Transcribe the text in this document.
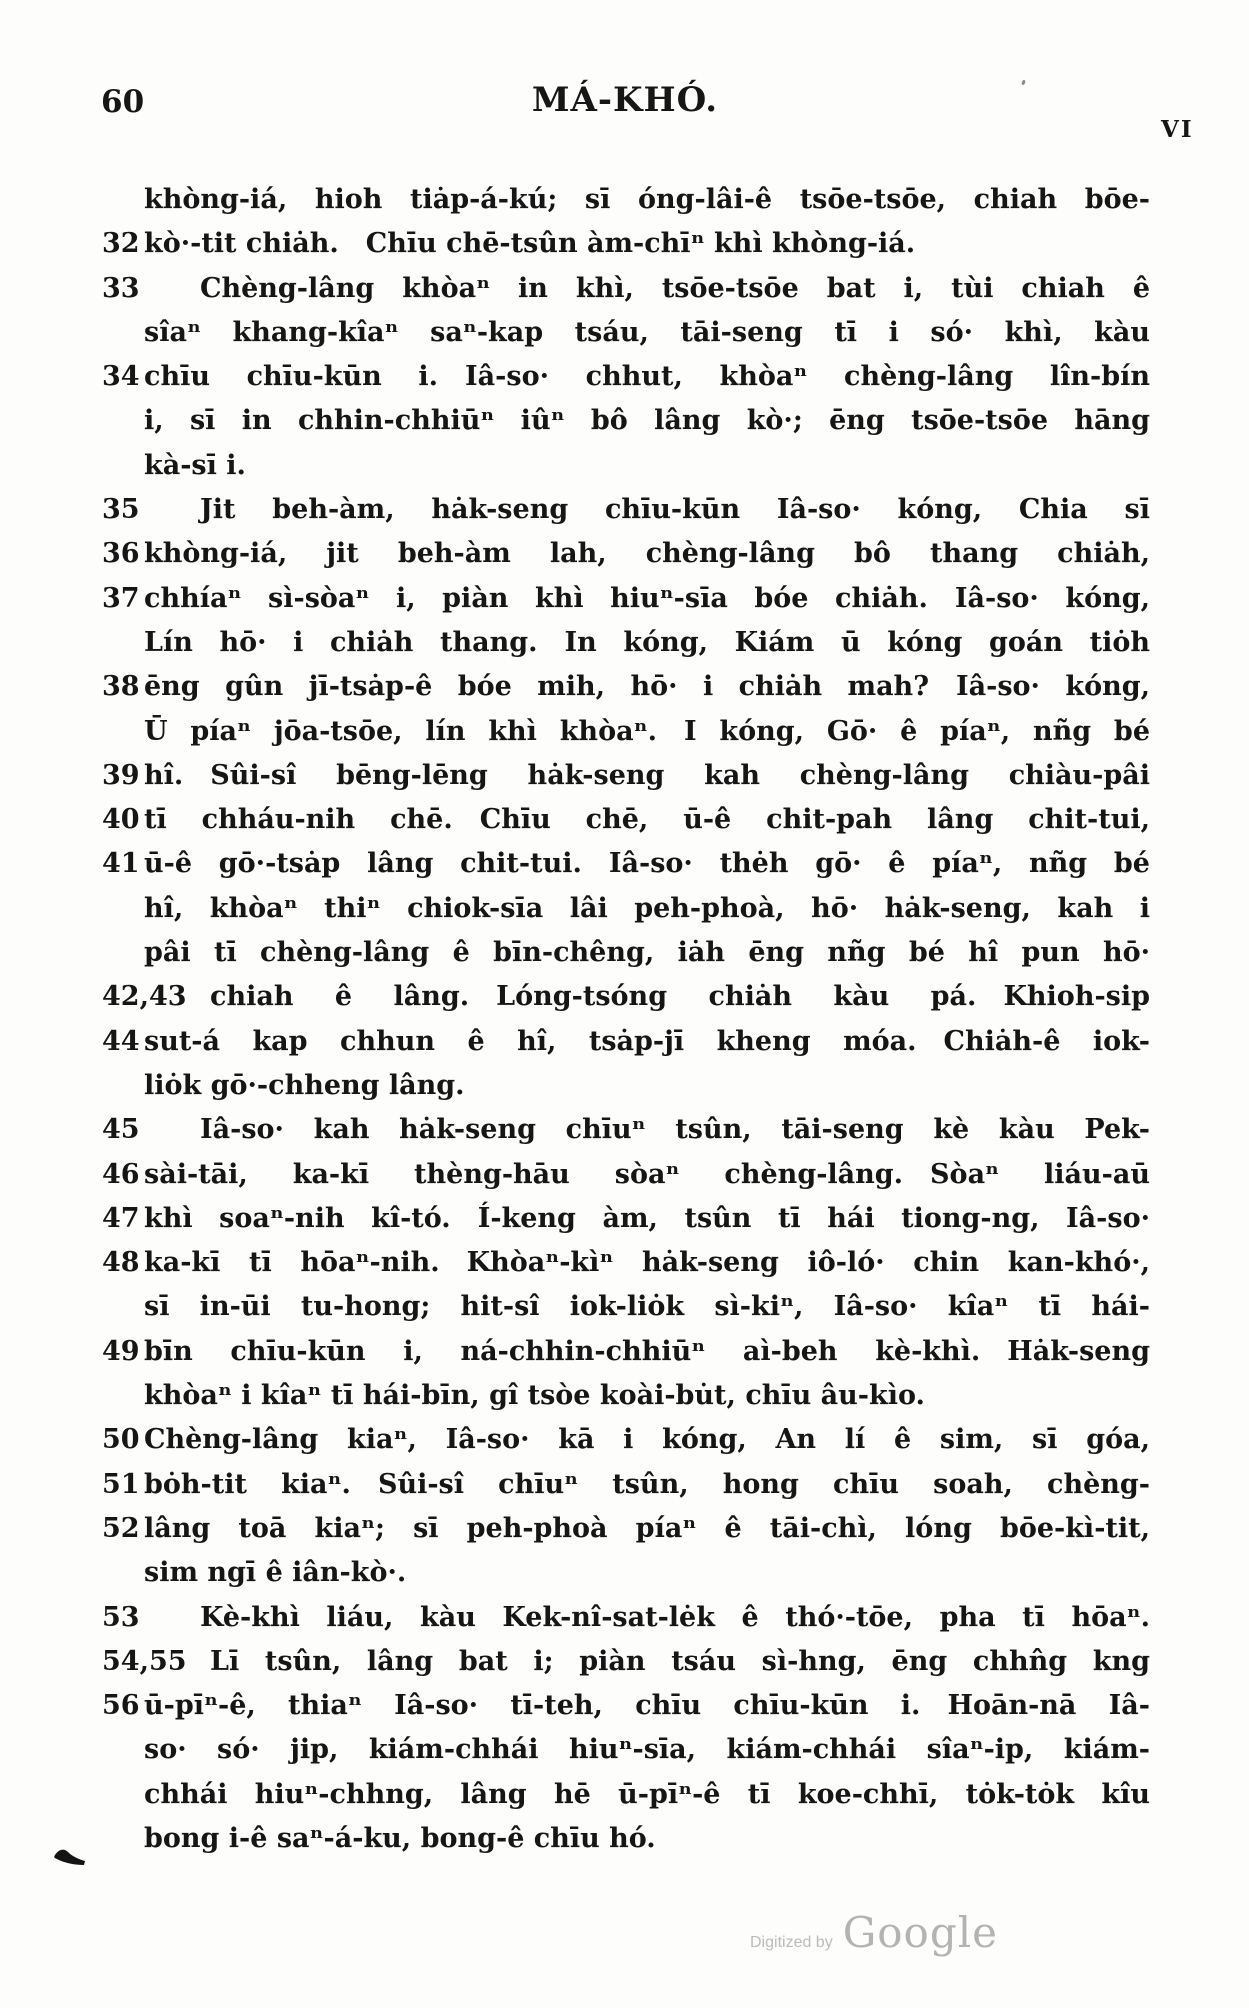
60	MÁ-KHÓ.
VI
khòng-iá, hioh tiȧp-á-kú; sī óng-lâi-ê tsōe-tsōe, chiah bōe-
32 kò·-tit chiȧh. Chīu chē-tsûn àm-chīⁿ khì khòng-iá.
33	Chèng-lâng khòaⁿ in khì, tsōe-tsōe bat i, tùi chiah ê
sîaⁿ khang-kîaⁿ saⁿ-kap tsáu, tāi-seng tī i só· khì, kàu
34 chīu chīu-kūn i. Iâ-so· chhut, khòaⁿ chèng-lâng lîn-bín
i, sī in chhin-chhiūⁿ iûⁿ bô lâng kò·; ēng tsōe-tsōe hāng
kà-sī i.
35	Jit beh-àm, hȧk-seng chīu-kūn Iâ-so· kóng, Chia sī
36 khòng-iá, jit beh-àm lah, chèng-lâng bô thang chiȧh,
37 chhíaⁿ sì-sòaⁿ i, piàn khì hiuⁿ-sīa bóe chiȧh. Iâ-so· kóng,
Lín hō· i chiȧh thang. In kóng, Kiám ū kóng goán tiȯh
38 ēng gûn jī-tsȧp-ê bóe mih, hō· i chiȧh mah? Iâ-so· kóng,
Ū píaⁿ jōa-tsōe, lín khì khòaⁿ. I kóng, Gō· ê píaⁿ, nñg bé
39 hî. Sûi-sî bēng-lēng hȧk-seng kah chèng-lâng chiàu-pâi
40 tī chháu-nih chē. Chīu chē, ū-ê chit-pah lâng chit-tui,
41 ū-ê gō·-tsȧp lâng chit-tui. Iâ-so· thėh gō· ê píaⁿ, nñg bé
hî, khòaⁿ thiⁿ chiok-sīa lâi peh-phoà, hō· hȧk-seng, kah i
pâi tī chèng-lâng ê bīn-chêng, iȧh ēng nñg bé hî pun hō·
42,43 chiah ê lâng. Lóng-tsóng chiȧh kàu pá. Khioh-sip
44 sut-á kap chhun ê hî, tsȧp-jī kheng móa. Chiȧh-ê iok-
liȯk gō·-chheng lâng.
45	Iâ-so· kah hȧk-seng chīuⁿ tsûn, tāi-seng kè kàu Pek-
46 sài-tāi, ka-kī thèng-hāu sòaⁿ chèng-lâng. Sòaⁿ liáu-aū
47 khì soaⁿ-nih kî-tó. Í-keng àm, tsûn tī hái tiong-ng, Iâ-so·
48 ka-kī tī hōaⁿ-nih. Khòaⁿ-kìⁿ hȧk-seng iô-ló· chin kan-khó·,
sī in-ūi tu-hong; hit-sî iok-liȯk sì-kiⁿ, Iâ-so· kîaⁿ tī hái-
49 bīn chīu-kūn i, ná-chhin-chhiūⁿ aì-beh kè-khì. Hȧk-seng
khòaⁿ i kîaⁿ tī hái-bīn, gî tsòe koài-bu̇t, chīu âu-kìo.
50 Chèng-lâng kiaⁿ, Iâ-so· kā i kóng, An lí ê sim, sī góa,
51 bȯh-tit kiaⁿ. Sûi-sî chīuⁿ tsûn, hong chīu soah, chèng-
52 lâng toā kiaⁿ; sī peh-phoà píaⁿ ê tāi-chì, lóng bōe-kì-tit,
sim ngī ê iân-kò·.
53	Kè-khì liáu, kàu Kek-nî-sat-lėk ê thó·-tōe, pha tī hōaⁿ.
54,55 Lī tsûn, lâng bat i; piàn tsáu sì-hng, ēng chhn̂g kng
56 ū-pīⁿ-ê, thiaⁿ Iâ-so· tī-teh, chīu chīu-kūn i. Hoān-nā Iâ-
so· só· jip, kiám-chhái hiuⁿ-sīa, kiám-chhái sîaⁿ-ip, kiám-
chhái hiuⁿ-chhng, lâng hē ū-pīⁿ-ê tī koe-chhī, tȯk-tȯk kîu
bong i-ê saⁿ-á-ku, bong-ê chīu hó.
Digitized by Google
